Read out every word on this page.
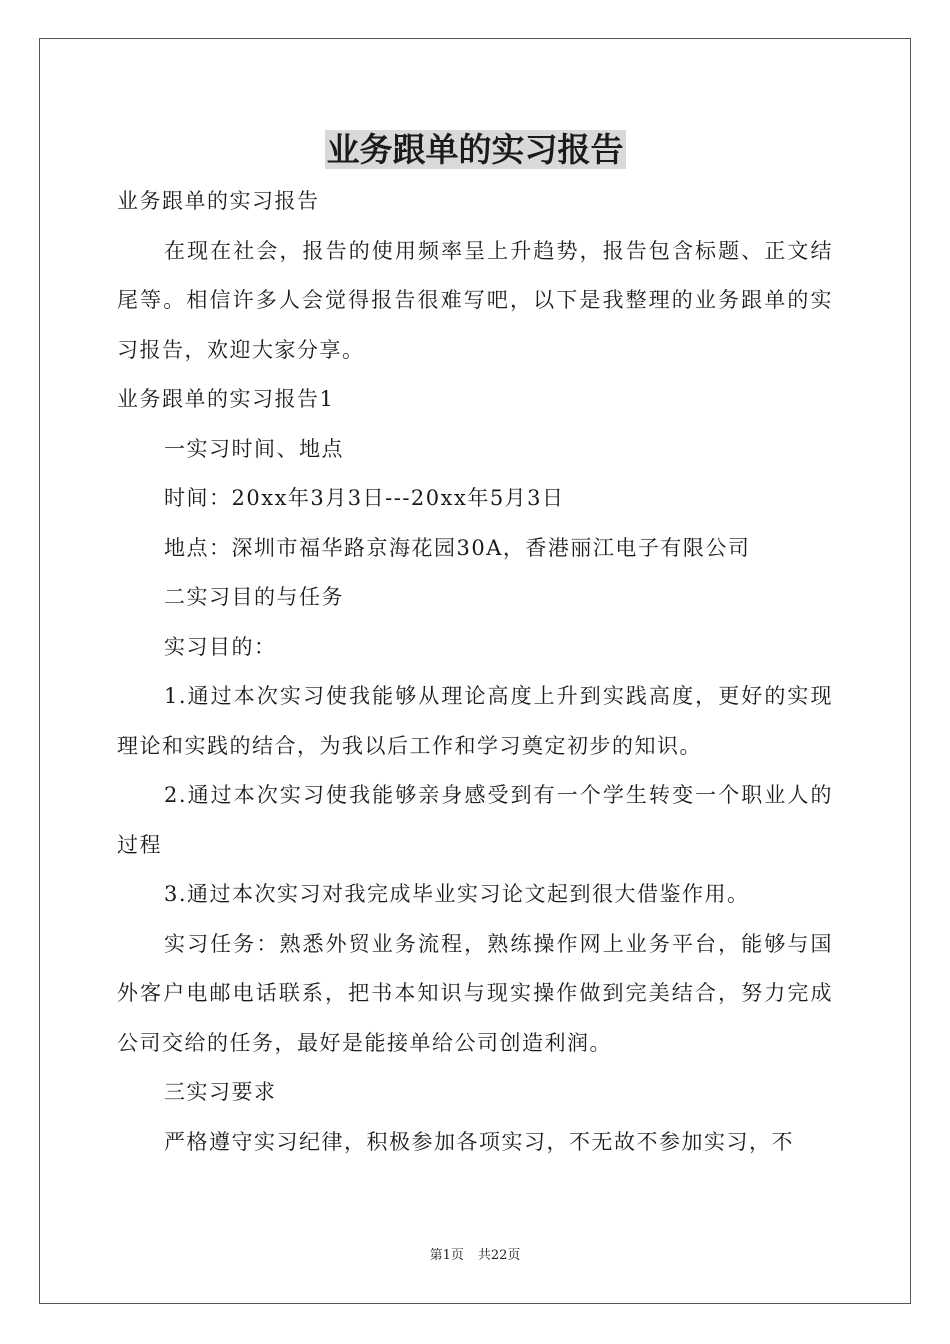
业务跟单的实习报告

业务跟单的实习报告

在现在社会，报告的使用频率呈上升趋势，报告包含标题、正文结尾等。相信许多人会觉得报告很难写吧，以下是我整理的业务跟单的实习报告，欢迎大家分享。

业务跟单的实习报告1

一实习时间、地点

时间：20xx年3月3日---20xx年5月3日

地点：深圳市福华路京海花园30A，香港丽江电子有限公司

二实习目的与任务

实习目的：

1.通过本次实习使我能够从理论高度上升到实践高度，更好的实现理论和实践的结合，为我以后工作和学习奠定初步的知识。

2.通过本次实习使我能够亲身感受到有一个学生转变一个职业人的过程

3.通过本次实习对我完成毕业实习论文起到很大借鉴作用。

实习任务：熟悉外贸业务流程，熟练操作网上业务平台，能够与国外客户电邮电话联系，把书本知识与现实操作做到完美结合，努力完成公司交给的任务，最好是能接单给公司创造利润。

三实习要求

严格遵守实习纪律，积极参加各项实习，不无故不参加实习，不

第1页 共22页
